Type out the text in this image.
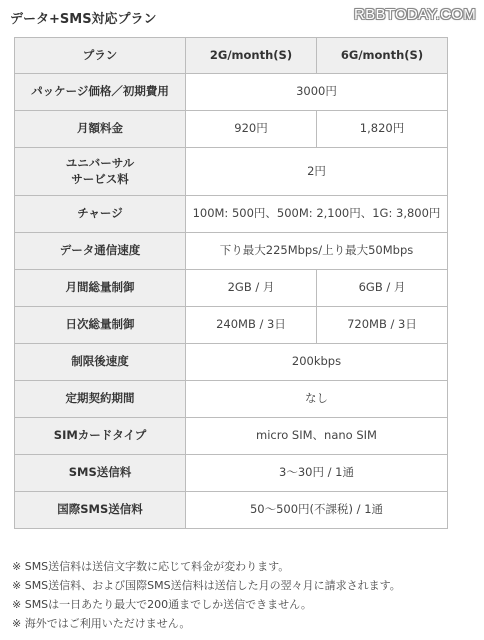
データ+SMS対応プラン	RBBTODAY.COM
プラン	2G/month(S)	6G/month(S)
パッケージ価格／初期費用	3000円	
月額料金	920円	1,820円
ユニバーサル
サービス料	2円	
チャージ	100M: 500円、500M: 2,100円、1G: 3,800円	
データ通信速度	下り最大225Mbps/上り最大50Mbps	
月間総量制御	2GB / 月	6GB / 月
日次総量制御	240MB / 3日	720MB / 3日
制限後速度	200kbps	
定期契約期間	なし	
SIMカードタイプ	micro SIM、nano SIM	
SMS送信料	3〜30円 / 1通	
国際SMS送信料	50〜500円(不課税) / 1通	
※ SMS送信料は送信文字数に応じて料金が変わります。
※ SMS送信料、および国際SMS送信料は送信した月の翌々月に請求されます。
※ SMSは一日あたり最大で200通までしか送信できません。
※ 海外ではご利用いただけません。
